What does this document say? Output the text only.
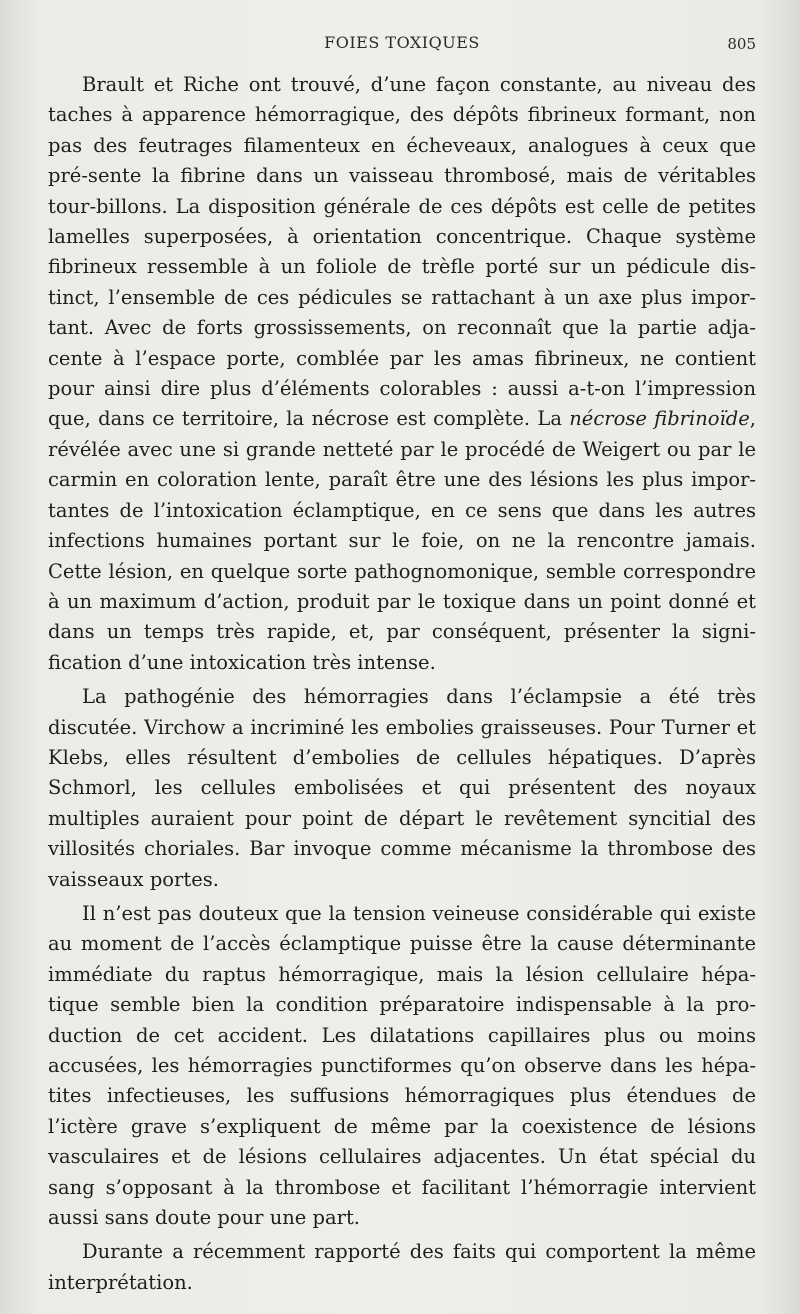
FOIES TOXIQUES	805

Brault et Riche ont trouvé, d’une façon constante, au niveau des taches à apparence hémorragique, des dépôts fibrineux formant, non pas des feutrages filamenteux en écheveaux, analogues à ceux que pré-sente la fibrine dans un vaisseau thrombosé, mais de véritables tour-billons. La disposition générale de ces dépôts est celle de petites lamelles superposées, à orientation concentrique. Chaque système fibrineux ressemble à un foliole de trèfle porté sur un pédicule dis-tinct, l’ensemble de ces pédicules se rattachant à un axe plus impor-tant. Avec de forts grossissements, on reconnaît que la partie adja-cente à l’espace porte, comblée par les amas fibrineux, ne contient pour ainsi dire plus d’éléments colorables : aussi a-t-on l’impression que, dans ce territoire, la nécrose est complète. La nécrose fibrinoïde, révélée avec une si grande netteté par le procédé de Weigert ou par le carmin en coloration lente, paraît être une des lésions les plus impor-tantes de l’intoxication éclamptique, en ce sens que dans les autres infections humaines portant sur le foie, on ne la rencontre jamais. Cette lésion, en quelque sorte pathognomonique, semble correspondre à un maximum d’action, produit par le toxique dans un point donné et dans un temps très rapide, et, par conséquent, présenter la signi-fication d’une intoxication très intense.

La pathogénie des hémorragies dans l’éclampsie a été très discutée. Virchow a incriminé les embolies graisseuses. Pour Turner et Klebs, elles résultent d’embolies de cellules hépatiques. D’après Schmorl, les cellules embolisées et qui présentent des noyaux multiples auraient pour point de départ le revêtement syncitial des villosités choriales. Bar invoque comme mécanisme la thrombose des vaisseaux portes.

Il n’est pas douteux que la tension veineuse considérable qui existe au moment de l’accès éclamptique puisse être la cause déterminante immédiate du raptus hémorragique, mais la lésion cellulaire hépa-tique semble bien la condition préparatoire indispensable à la pro-duction de cet accident. Les dilatations capillaires plus ou moins accusées, les hémorragies punctiformes qu’on observe dans les hépa-tites infectieuses, les suffusions hémorragiques plus étendues de l’ictère grave s’expliquent de même par la coexistence de lésions vasculaires et de lésions cellulaires adjacentes. Un état spécial du sang s’opposant à la thrombose et facilitant l’hémorragie intervient aussi sans doute pour une part.

Durante a récemment rapporté des faits qui comportent la même interprétation.
